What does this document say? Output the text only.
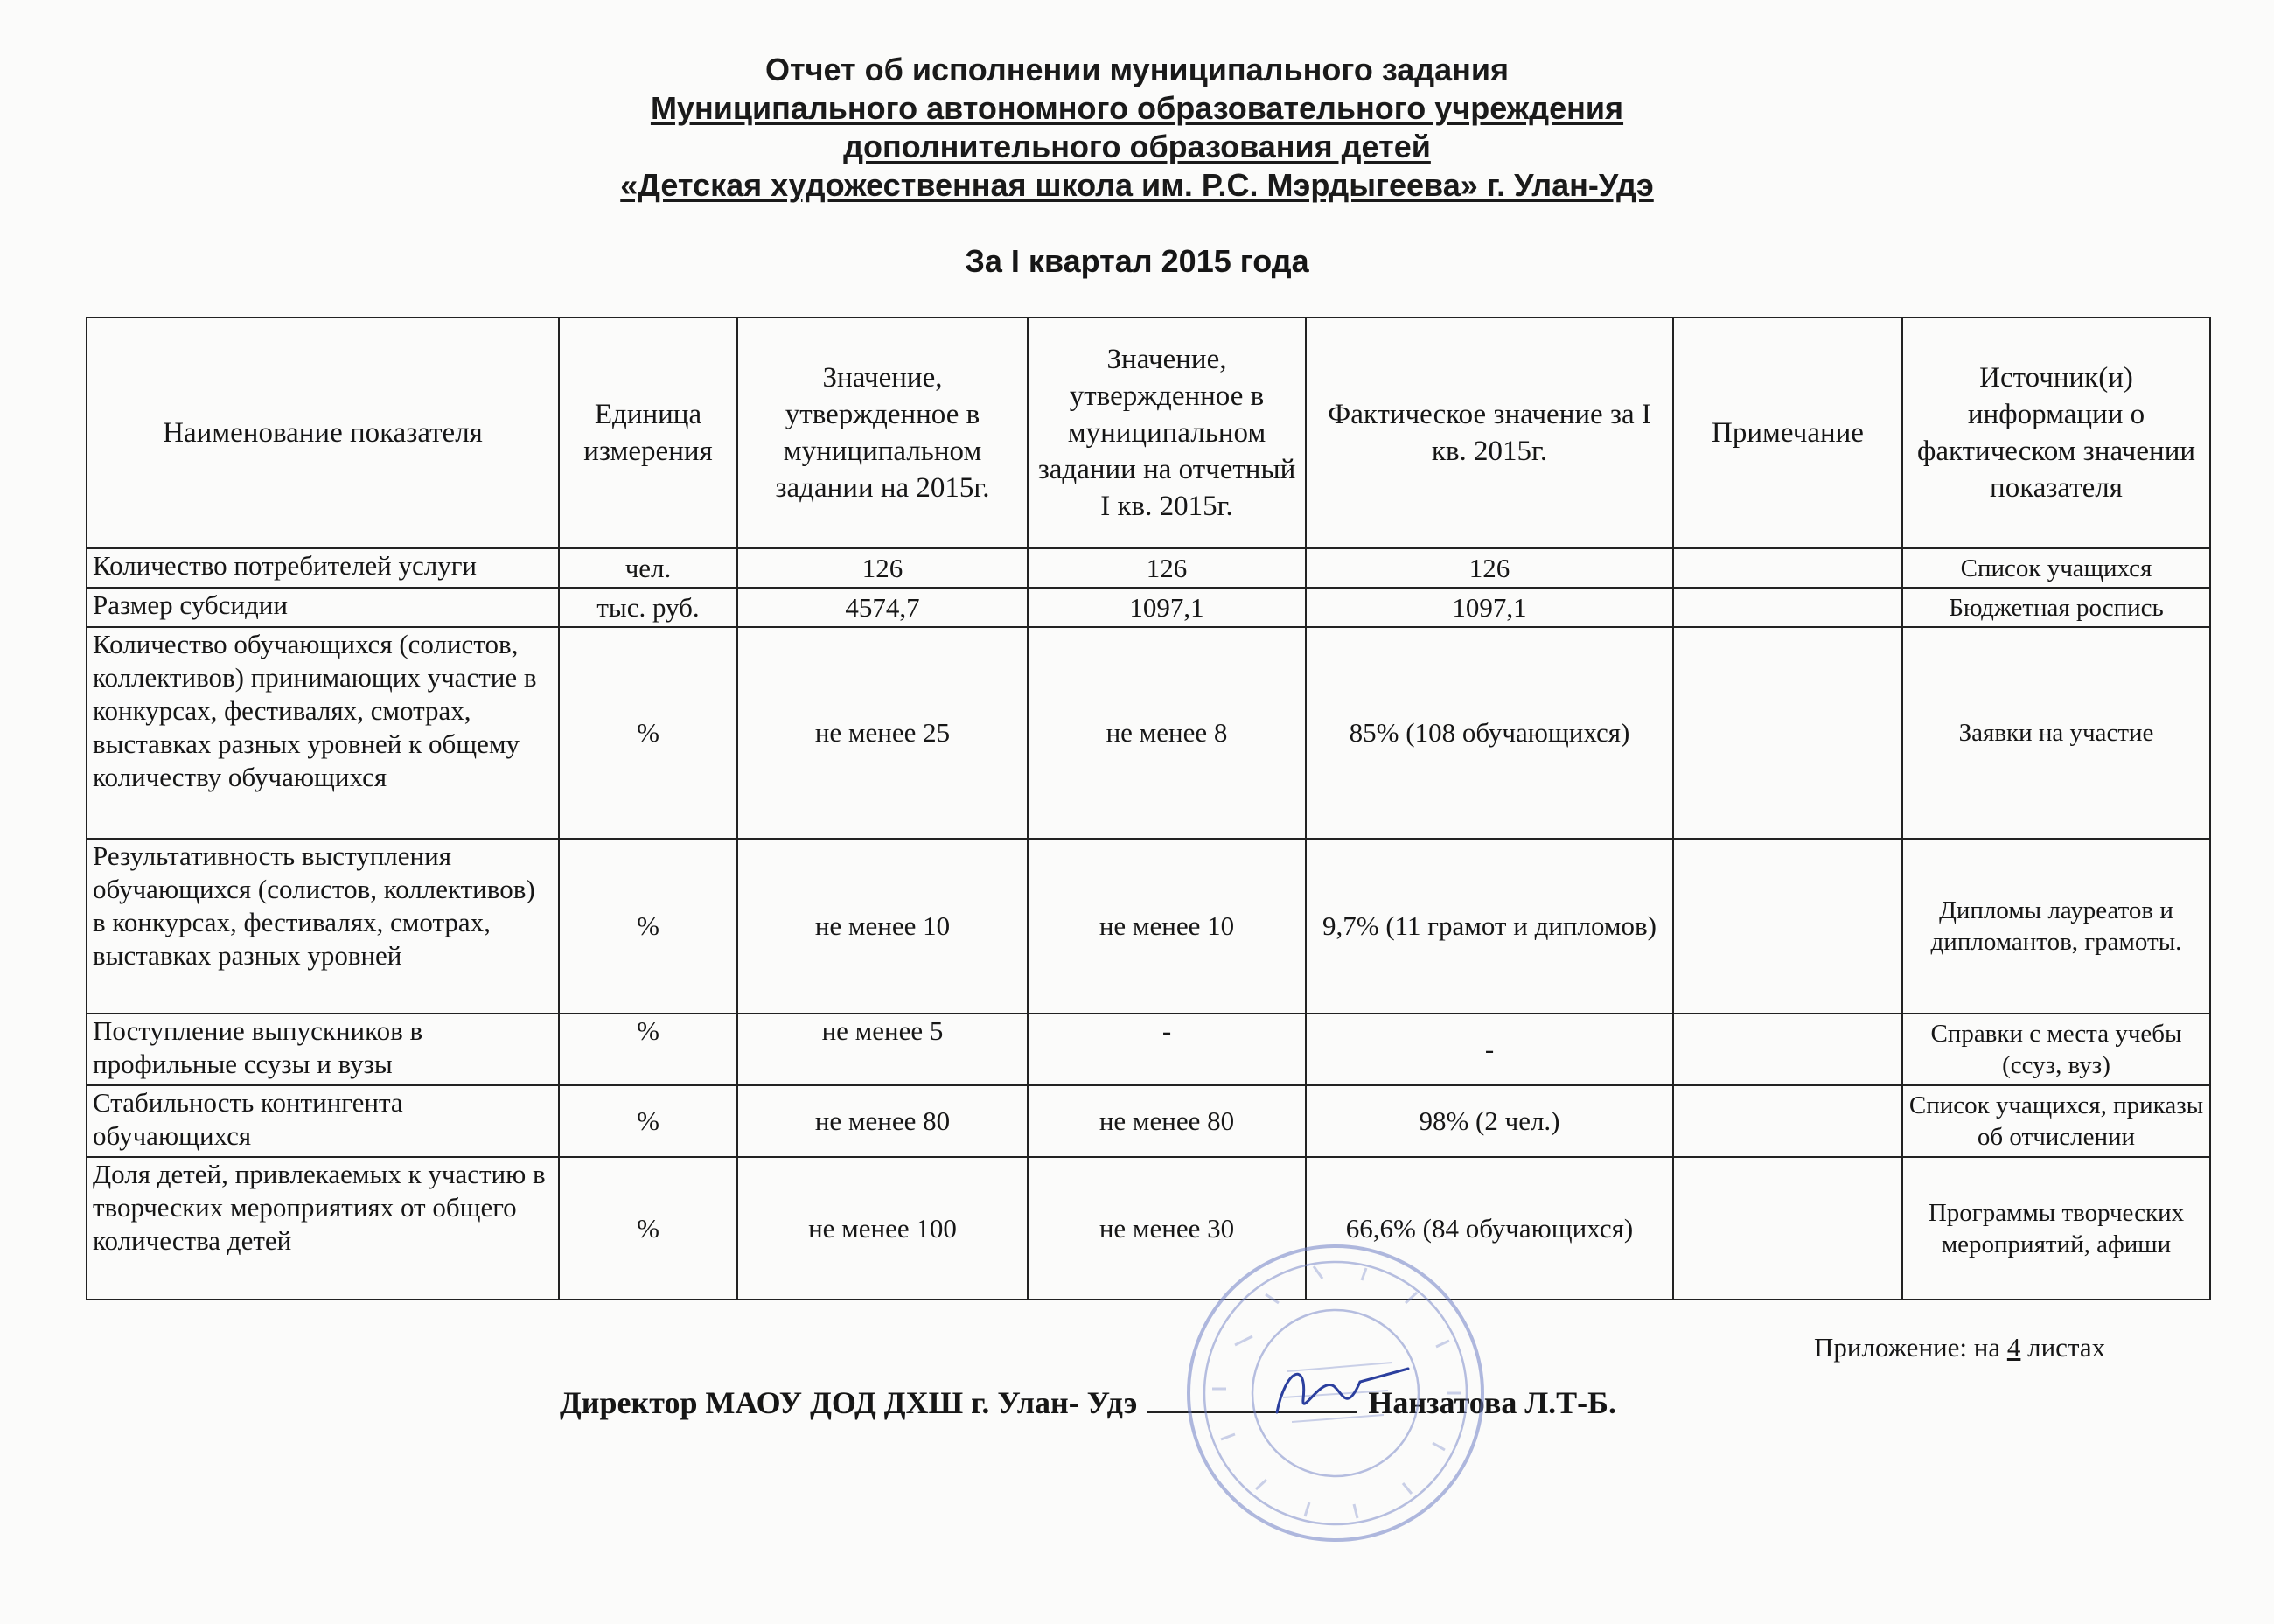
Отчет об исполнении муниципального задания
Муниципального автономного образовательного учреждения
дополнительного образования детей
«Детская художественная школа им. Р.С. Мэрдыгеева» г. Улан-Удэ
За I квартал 2015 года
Наименование показателя	Единица измерения	Значение, утвержденное в муниципальном задании на 2015г.	Значение, утвержденное в муниципальном задании на отчетный I кв. 2015г.	Фактическое значение за I кв. 2015г.	Примечание	Источник(и) информации о фактическом значении показателя
Количество потребителей услуги	чел.	126	126	126		Список учащихся
Размер субсидии	тыс. руб.	4574,7	1097,1	1097,1		Бюджетная роспись
Количество обучающихся (солистов, коллективов) принимающих участие в конкурсах, фестивалях, смотрах, выставках разных уровней к общему количеству обучающихся	%	не менее 25	не менее 8	85% (108 обучающихся)		Заявки на участие
Результативность выступления обучающихся (солистов, коллективов) в конкурсах, фестивалях, смотрах, выставках разных уровней	%	не менее 10	не менее 10	9,7% (11 грамот и дипломов)		Дипломы лауреатов и дипломантов, грамоты.
Поступление выпускников в профильные ссузы и вузы	%	не менее 5	-	-		Справки с места учебы (ссуз, вуз)
Стабильность контингента обучающихся	%	не менее 80	не менее 80	98% (2 чел.)		Список учащихся, приказы об отчислении
Доля детей, привлекаемых к участию в творческих мероприятиях от общего количества детей	%	не менее 100	не менее 30	66,6% (84 обучающихся)		Программы творческих мероприятий, афиши
Приложение: на 4 листах
Директор МАОУ ДОД ДХШ г. Улан- Удэ	Нанзатова Л.Т-Б.
